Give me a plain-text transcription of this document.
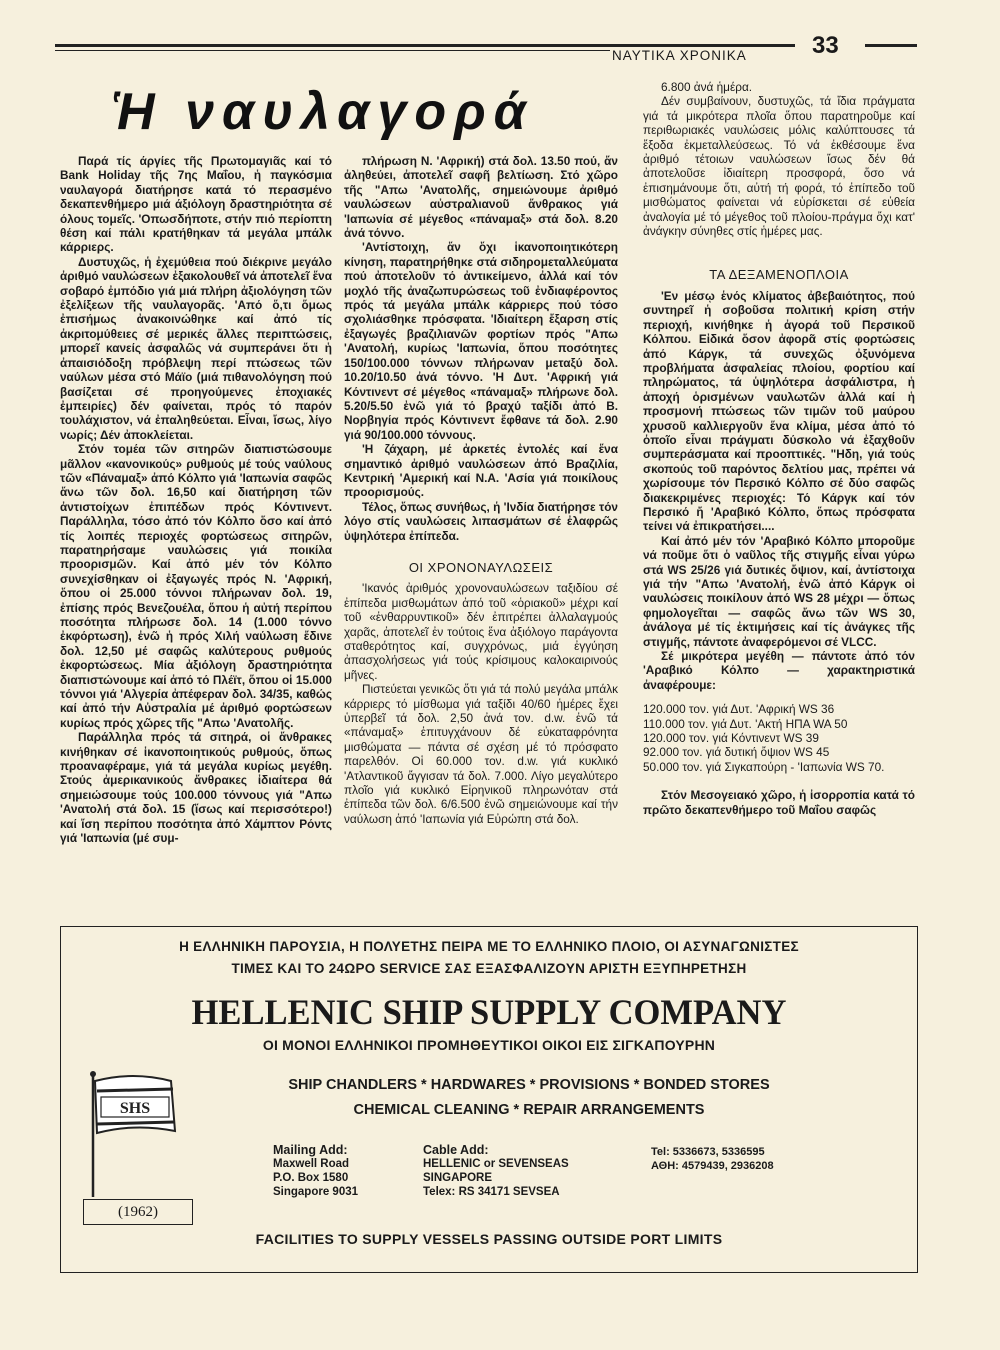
ΝΑΥΤΙΚΑ ΧΡΟΝΙΚΑ	33
Ἡ ναυλαγορά

Παρά τίς άργίες τῆς Πρωτομαγιᾶς καί τό Bank Holiday τῆς 7ης Μαΐου, ἡ παγκόσμια ναυλαγορά διατήρησε κατά τό περασμένο δεκαπενθήμερο μιά άξιόλογη δραστηριότητα σέ όλους τομεῖς. 'Οπωσδήποτε, στήν πιό περίοπτη θέση καί πάλι κρατήθηκαν τά μεγάλα μπάλκ κάρριερς.

Δυστυχῶς, ἡ ἐχεμύθεια πού διέκρινε μεγάλο ἀριθμό ναυλώσεων ἐξακολουθεῖ νά ἀποτελεῖ ἕνα σοβαρό ἐμπόδιο γιά μιά πλήρη ἀξιολόγηση τῶν ἐξελίξεων τῆς ναυλαγορᾶς. 'Από ὅ,τι ὅμως ἐπισήμως ἀνακοινώθηκε καί ἀπό τίς ἀκριτομύθειες σέ μερικές ἄλλες περιπτώσεις, μπορεῖ κανείς ἀσφαλῶς νά συμπεράνει ὅτι ἡ ἀπαισιόδοξη πρόβλεψη περί πτώσεως τῶν ναύλων μέσα στό Μάϊο (μιά πιθανολόγηση πού βασίζεται σέ προηγούμενες ἐποχιακές ἐμπειρίες) δέν φαίνεται, πρός τό παρόν τουλάχιστον, νά ἐπαληθεύεται. Εἶναι, ἴσως, λίγο νωρίς; Δέν ἀποκλείεται.

Στόν τομέα τῶν σιτηρῶν διαπιστώσουμε μᾶλλον «κανονικούς» ρυθμούς μέ τούς ναύλους τῶν «Πάναμαξ» ἀπό Κόλπο γιά 'Ιαπωνία σαφῶς ἄνω τῶν δολ. 16,50 καί διατήρηση τῶν ἀντιστοίχων ἐπιπέδων πρός Κόντινεντ. Παράλληλα, τόσο ἀπό τόν Κόλπο ὅσο καί ἀπό τίς λοιπές περιοχές φορτώσεως σιτηρῶν, παρατηρήσαμε ναυλώσεις γιά ποικίλα προορισμῶν. Καί ἀπό μέν τόν Κόλπο συνεχίσθηκαν οἱ ἐξαγωγές πρός Ν. 'Αφρική, ὅπου οἱ 25.000 τόννοι πλήρωναν δολ. 19, ἐπίσης πρός Βενεζουέλα, ὅπου ἡ αὐτή περίπου ποσότητα πλήρωσε δολ. 14 (1.000 τόννο ἐκφόρτωση), ἐνῶ ἡ πρός Χιλή ναύλωση ἔδινε δολ. 12,50 μέ σαφῶς καλύτερους ρυθμούς ἐκφορτώσεως. Μία ἀξιόλογη δραστηριότητα διαπιστώνουμε καί ἀπό τό Πλέϊτ, ὅπου οἱ 15.000 τόννοι γιά 'Αλγερία ἀπέφεραν δολ. 34/35, καθώς καί ἀπό τήν Αὐστραλία μέ ἀριθμό φορτώσεων κυρίως πρός χῶρες τῆς "Απω 'Ανατολῆς.

Παράλληλα πρός τά σιτηρά, οἱ ἄνθρακες κινήθηκαν σέ ἱκανοποιητικούς ρυθμούς, ὅπως προαναφέραμε, γιά τά μεγάλα κυρίως μεγέθη. Στούς ἀμερικανικούς ἄνθρακες ἰδιαίτερα θά σημειώσουμε τούς 100.000 τόννους γιά "Απω 'Ανατολή στά δολ. 15 (ἴσως καί περισσότερο!) καί ἴση περίπου ποσότητα ἀπό Χάμπτον Ρόντς γιά 'Ιαπωνία (μέ συμ-

πλήρωση Ν. 'Αφρική) στά δολ. 13.50 πού, ἄν ἀληθεύει, ἀποτελεῖ σαφῆ βελτίωση. Στό χῶρο τῆς "Απω 'Ανατολῆς, σημειώνουμε ἀριθμό ναυλώσεων αὐστραλιανοῦ ἄνθρακος γιά 'Ιαπωνία σέ μέγεθος «πάναμαξ» στά δολ. 8.20 ἀνά τόννο.

'Αντίστοιχη, ἄν ὄχι ἱκανοποιητικότερη κίνηση, παρατηρήθηκε στά σιδηρομεταλλεύματα πού ἀποτελοῦν τό ἀντικείμενο, ἀλλά καί τόν μοχλό τῆς ἀναζωπυρώσεως τοῦ ἐνδιαφέροντος πρός τά μεγάλα μπάλκ κάρριερς πού τόσο σχολιάσθηκε πρόσφατα. 'Ιδιαίτερη ἔξαρση στίς ἐξαγωγές βραζιλιανῶν φορτίων πρός "Απω 'Ανατολή, κυρίως 'Ιαπωνία, ὅπου ποσότητες 150/100.000 τόννων πλήρωναν μεταξύ δολ. 10.20/10.50 ἀνά τόννο. 'Η Δυτ. 'Αφρική γιά Κόντινεντ σέ μέγεθος «πάναμαξ» πλήρωνε δολ. 5.20/5.50 ἐνῶ γιά τό βραχύ ταξίδι ἀπό Β. Νορβηγία πρός Κόντινεντ ἔφθανε τά δολ. 2.90 γιά 90/100.000 τόννους.

'Η ζάχαρη, μέ ἀρκετές ἐντολές καί ἕνα σημαντικό ἀριθμό ναυλώσεων ἀπό Βραζιλία, Κεντρική 'Αμερική καί Ν.Α. 'Ασία γιά ποικίλους προορισμούς.

Τέλος, ὅπως συνήθως, ἡ 'Ινδία διατήρησε τόν λόγο στίς ναυλώσεις λιπασμάτων σέ ἐλαφρῶς ὑψηλότερα ἐπίπεδα.

ΟΙ ΧΡΟΝΟΝΑΥΛΩΣΕΙΣ

'Ικανός ἀριθμός χρονοναυλώσεων ταξιδίου σέ ἐπίπεδα μισθωμάτων ἀπό τοῦ «ὁριακοῦ» μέχρι καί τοῦ «ἐνθαρρυντικοῦ» δέν ἐπιτρέπει ἀλλαλαγμούς χαρᾶς, ἀποτελεῖ ἐν τούτοις ἕνα ἀξιόλογο παράγοντα σταθερότητος καί, συγχρόνως, μιά ἐγγύηση ἀπασχολήσεως γιά τούς κρίσιμους καλοκαιρινούς μῆνες.

Πιστεύεται γενικῶς ὅτι γιά τά πολύ μεγάλα μπάλκ κάρριερς τό μίσθωμα γιά ταξίδι 40/60 ἡμέρες ἔχει ὑπερβεῖ τά δολ. 2,50 ἀνά τον. d.w. ἐνῶ τά «πάναμαξ» ἐπιτυγχάνουν δέ εὐκαταφρόνητα μισθώματα — πάντα σέ σχέση μέ τό πρόσφατο παρελθόν. Οἱ 60.000 τον. d.w. γιά κυκλικό 'Ατλαντικοῦ ἄγγισαν τά δολ. 7.000. Λίγο μεγαλύτερο πλοῖο γιά κυκλικό Εἰρηνικοῦ πληρωνόταν στά ἐπίπεδα τῶν δολ. 6/6.500 ἐνῶ σημειώνουμε καί τήν ναύλωση ἀπό 'Ιαπωνία γιά Εὐρώπη στά δολ.

6.800 ἀνά ἡμέρα.

Δέν συμβαίνουν, δυστυχῶς, τά ἴδια πράγματα γιά τά μικρότερα πλοῖα ὅπου παρατηροῦμε καί περιθωριακές ναυλώσεις μόλις καλύπτουσες τά ἔξοδα ἐκμεταλλεύσεως. Τό νά ἐκθέσουμε ἕνα ἀριθμό τέτοιων ναυλώσεων ἴσως δέν θά ἀποτελοῦσε ἰδιαίτερη προσφορά, ὅσο νά ἐπισημάνουμε ὅτι, αὐτή τή φορά, τό ἐπίπεδο τοῦ μισθώματος φαίνεται νά εὑρίσκεται σέ εὐθεία ἀναλογία μέ τό μέγεθος τοῦ πλοίου-πράγμα ὄχι κατ' ἀνάγκην σύνηθες στίς ἡμέρες μας.

ΤΑ ΔΕΞΑΜΕΝΟΠΛΟΙΑ

'Εν μέσῳ ἑνός κλίματος ἀβεβαιότητος, πού συντηρεῖ ἡ σοβοῦσα πολιτική κρίση στήν περιοχή, κινήθηκε ἡ ἀγορά τοῦ Περσικοῦ Κόλπου. Εἰδικά ὅσον ἀφορᾶ στίς φορτώσεις ἀπό Κάργκ, τά συνεχῶς ὀξυνόμενα προβλήματα ἀσφαλείας πλοίου, φορτίου καί πληρώματος, τά ὑψηλότερα ἀσφάλιστρα, ἡ ἀποχή ὁρισμένων ναυλωτῶν ἀλλά καί ἡ προσμονή πτώσεως τῶν τιμῶν τοῦ μαύρου χρυσοῦ καλλιεργοῦν ἕνα κλίμα, μέσα ἀπό τό ὁποῖο εἶναι πράγματι δύσκολο νά ἐξαχθοῦν συμπεράσματα καί προοπτικές. "Ηδη, γιά τούς σκοπούς τοῦ παρόντος δελτίου μας, πρέπει νά χωρίσουμε τόν Περσικό Κόλπο σέ δύο σαφῶς διακεκριμένες περιοχές: Τό Κάργκ καί τόν Περσικό ἤ 'Αραβικό Κόλπο, ὅπως πρόσφατα τείνει νά ἐπικρατήσει....

Καί ἀπό μέν τόν 'Αραβικό Κόλπο μποροῦμε νά ποῦμε ὅτι ὁ ναῦλος τῆς στιγμῆς εἶναι γύρω στά WS 25/26 γιά δυτικές ὄψιον, καί, ἀντίστοιχα γιά τήν "Απω 'Ανατολή, ἐνῶ ἀπό Κάργκ οἱ ναυλώσεις ποικίλουν ἀπό WS 28 μέχρι — ὅπως φημολογεῖται — σαφῶς ἄνω τῶν WS 30, ἀνάλογα μέ τίς ἐκτιμήσεις καί τίς ἀνάγκες τῆς στιγμῆς, πάντοτε ἀναφερόμενοι σέ VLCC.

Σέ μικρότερα μεγέθη — πάντοτε ἀπό τόν 'Αραβικό Κόλπο — χαρακτηριστικά ἀναφέρουμε:

120.000 τον. γιά Δυτ. 'Αφρική WS 36
110.000 τον. γιά Δυτ. 'Ακτή ΗΠΑ WA 50
120.000 τον. γιά Κόντινεντ WS 39
92.000 τον. γιά δυτική ὄψιον WS 45
50.000 τον. γιά Σιγκαπούρη - 'Ιαπωνία WS 70.

Στόν Μεσογειακό χῶρο, ἡ ἰσορροπία κατά τό πρῶτο δεκαπενθήμερο τοῦ Μαΐου σαφῶς

Η ΕΛΛΗΝΙΚΗ ΠΑΡΟΥΣΙΑ, Η ΠΟΛΥΕΤΗΣ ΠΕΙΡΑ ΜΕ ΤΟ ΕΛΛΗΝΙΚΟ ΠΛΟΙΟ, ΟΙ ΑΣΥΝΑΓΩΝΙΣΤΕΣ
ΤΙΜΕΣ ΚΑΙ ΤΟ 24ΩΡΟ SERVICE ΣΑΣ ΕΞΑΣΦΑΛΙΖΟΥΝ ΑΡΙΣΤΗ ΕΞΥΠΗΡΕΤΗΣΗ
HELLENIC SHIP SUPPLY COMPANY
ΟΙ ΜΟΝΟΙ ΕΛΛΗΝΙΚΟΙ ΠΡΟΜΗΘΕΥΤΙΚΟΙ ΟΙΚΟΙ ΕΙΣ ΣΙΓΚΑΠΟΥΡΗΝ
SHIP CHANDLERS * HARDWARES * PROVISIONS * BONDED STORES
CHEMICAL CLEANING * REPAIR ARRANGEMENTS
SHS
(1962)
Mailing Add:
Maxwell Road
P.O. Box 1580
Singapore 9031
Cable Add:
HELLENIC or SEVENSEAS
SINGAPORE
Telex: RS 34171 SEVSEA
Tel: 5336673, 5336595
ΑΘΗ: 4579439, 2936208
FACILITIES TO SUPPLY VESSELS PASSING OUTSIDE PORT LIMITS
